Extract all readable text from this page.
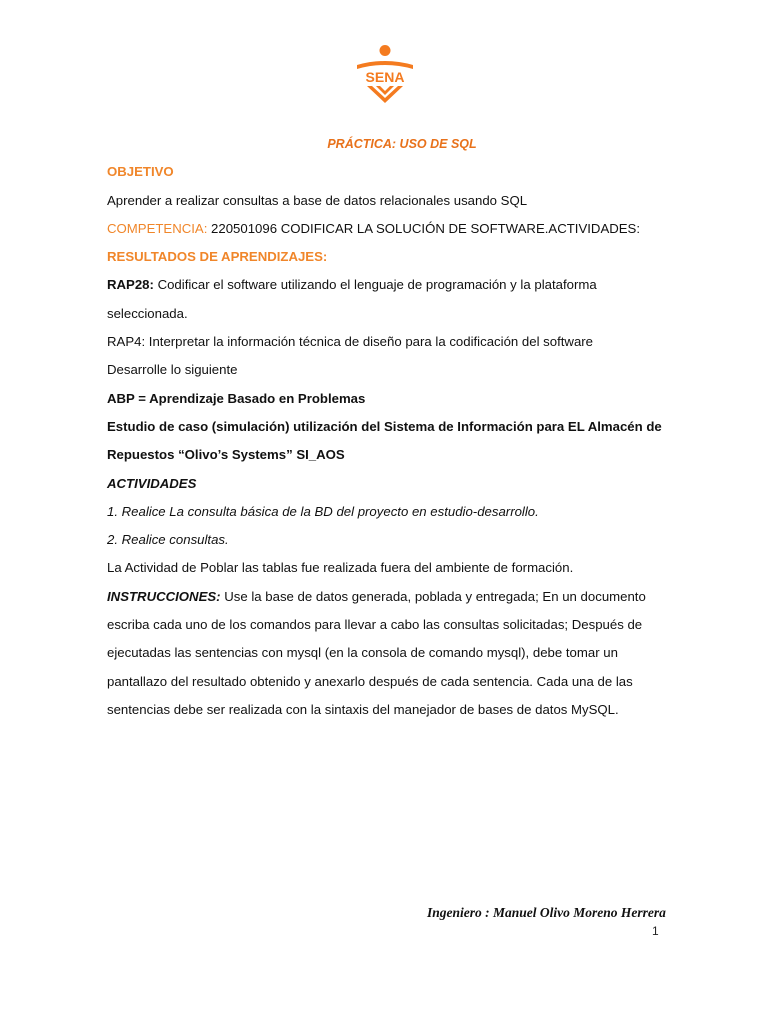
SENA

PRÁCTICA: USO DE SQL

OBJETIVO

Aprender a realizar consultas a base de datos relacionales usando SQL

COMPETENCIA: 220501096 CODIFICAR LA SOLUCIÓN DE SOFTWARE.ACTIVIDADES:

RESULTADOS DE APRENDIZAJES:

RAP28: Codificar el software utilizando el lenguaje de programación y la plataforma

seleccionada.

RAP4: Interpretar la información técnica de diseño para la codificación del software

Desarrolle lo siguiente

ABP = Aprendizaje Basado en Problemas

Estudio de caso (simulación) utilización del Sistema de Información para EL Almacén de

Repuestos “Olivo’s Systems” SI_AOS

ACTIVIDADES

1. Realice La consulta básica de la BD del proyecto en estudio-desarrollo.

2. Realice consultas.

La Actividad de Poblar las tablas fue realizada fuera del ambiente de formación.

INSTRUCCIONES: Use la base de datos generada, poblada y entregada; En un documento

escriba cada uno de los comandos para llevar a cabo las consultas solicitadas; Después de

ejecutadas las sentencias con mysql (en la consola de comando mysql), debe tomar un

pantallazo del resultado obtenido y anexarlo después de cada sentencia. Cada una de las

sentencias debe ser realizada con la sintaxis del manejador de bases de datos MySQL.

Ingeniero : Manuel Olivo Moreno Herrera
1
